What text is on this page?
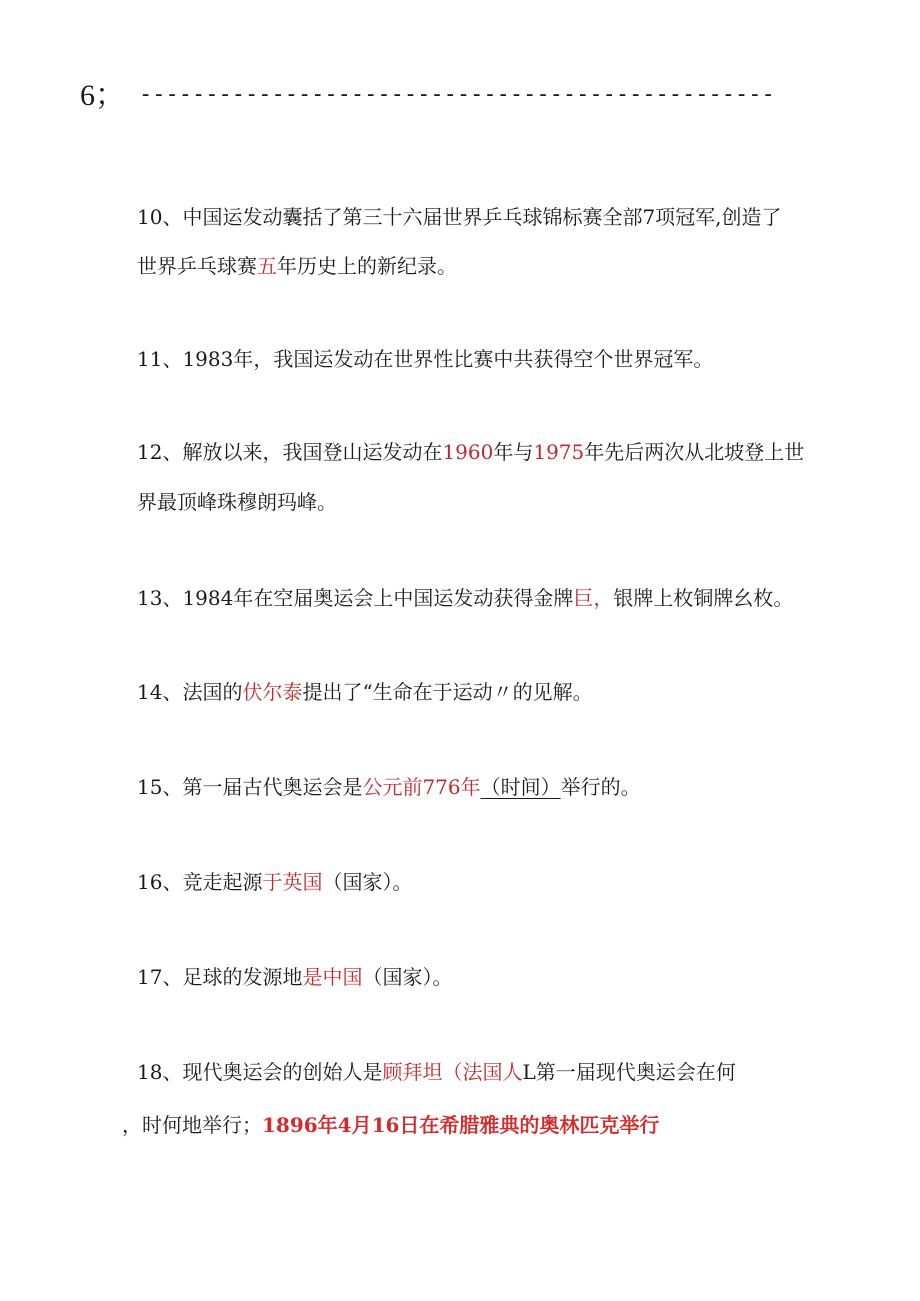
6； ------------------------------------------------
10、中国运发动囊括了第三十六届世界乒乓球锦标赛全部7项冠军,创造了
世界乒乓球赛五年历史上的新纪录。
11、1983年，我国运发动在世界性比赛中共获得空个世界冠军。
12、解放以来，我国登山运发动在1960年与1975年先后两次从北坡登上世
界最顶峰珠穆朗玛峰。
13、1984年在空届奥运会上中国运发动获得金牌巨，银牌上枚铜牌幺枚。
14、法国的伏尔泰提出了“生命在于运动〃的见解。
15、第一届古代奥运会是公元前776年（时间）举行的。
16、竞走起源于英国（国家）。
17、足球的发源地是中国（国家）。
18、现代奥运会的创始人是顾拜坦（法国人L第一届现代奥运会在何
，时何地举行；1896年4月16日在希腊雅典的奥林匹克举行
